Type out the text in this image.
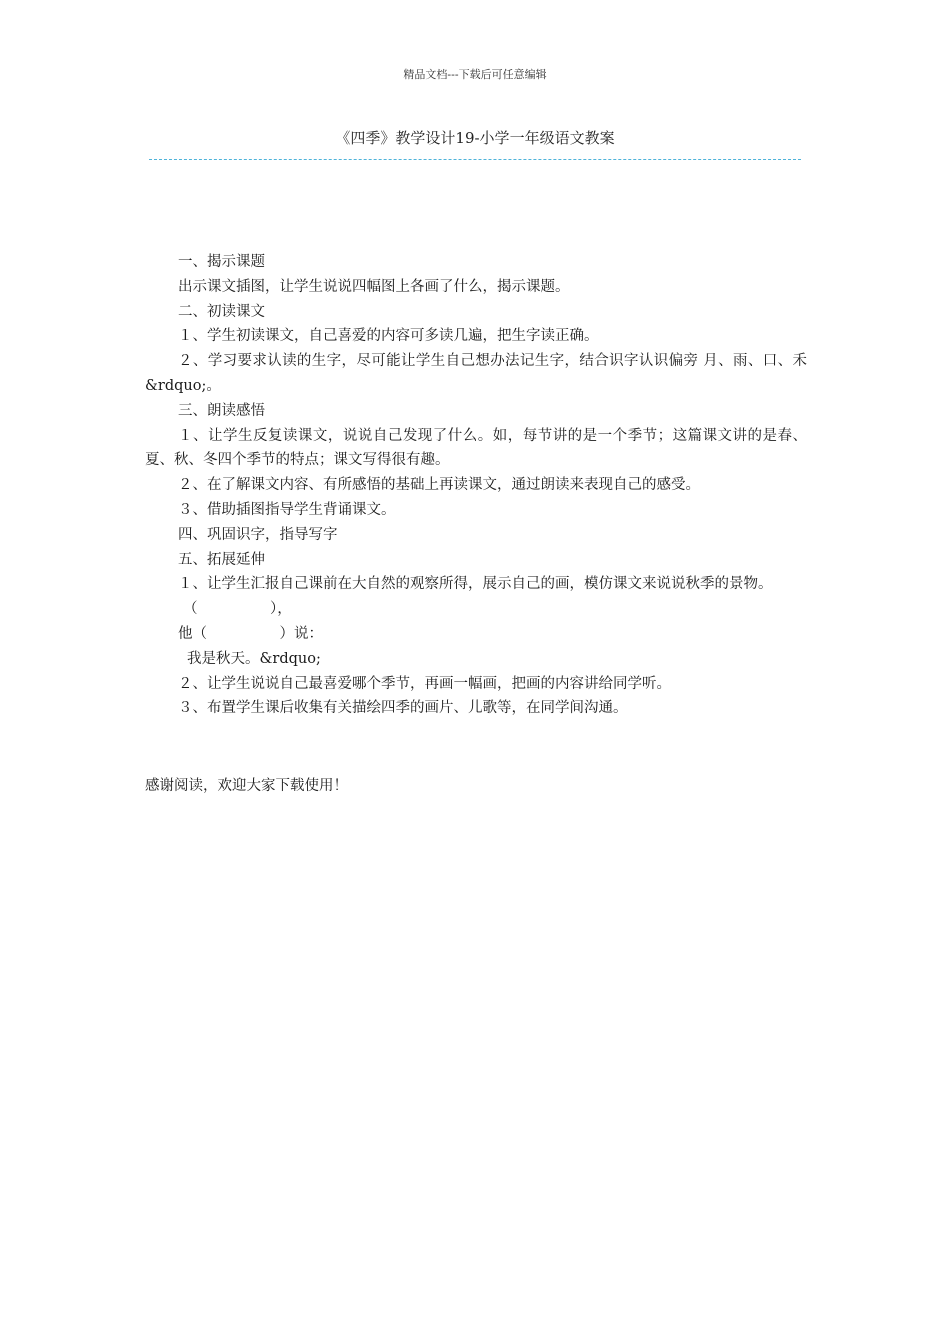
精品文档---下载后可任意编辑
《四季》教学设计19-小学一年级语文教案

一、揭示课题

出示课文插图，让学生说说四幅图上各画了什么，揭示课题。

二、初读课文

１、学生初读课文，自己喜爱的内容可多读几遍，把生字读正确。

２、学习要求认读的生字，尽可能让学生自己想办法记生字，结合识字认识偏旁 月、雨、口、禾&rdquo;。

三、朗读感悟

１、让学生反复读课文，说说自己发现了什么。如，每节讲的是一个季节；这篇课文讲的是春、夏、秋、冬四个季节的特点；课文写得很有趣。

２、在了解课文内容、有所感悟的基础上再读课文，通过朗读来表现自己的感受。

３、借助插图指导学生背诵课文。

四、巩固识字，指导写字

五、拓展延伸

１、让学生汇报自己课前在大自然的观察所得，展示自己的画，模仿课文来说说秋季的景物。

（　　　　　），

他（　　　　　）说：

我是秋天。&rdquo;

２、让学生说说自己最喜爱哪个季节，再画一幅画，把画的内容讲给同学听。

３、布置学生课后收集有关描绘四季的画片、儿歌等，在同学间沟通。

感谢阅读，欢迎大家下载使用！
